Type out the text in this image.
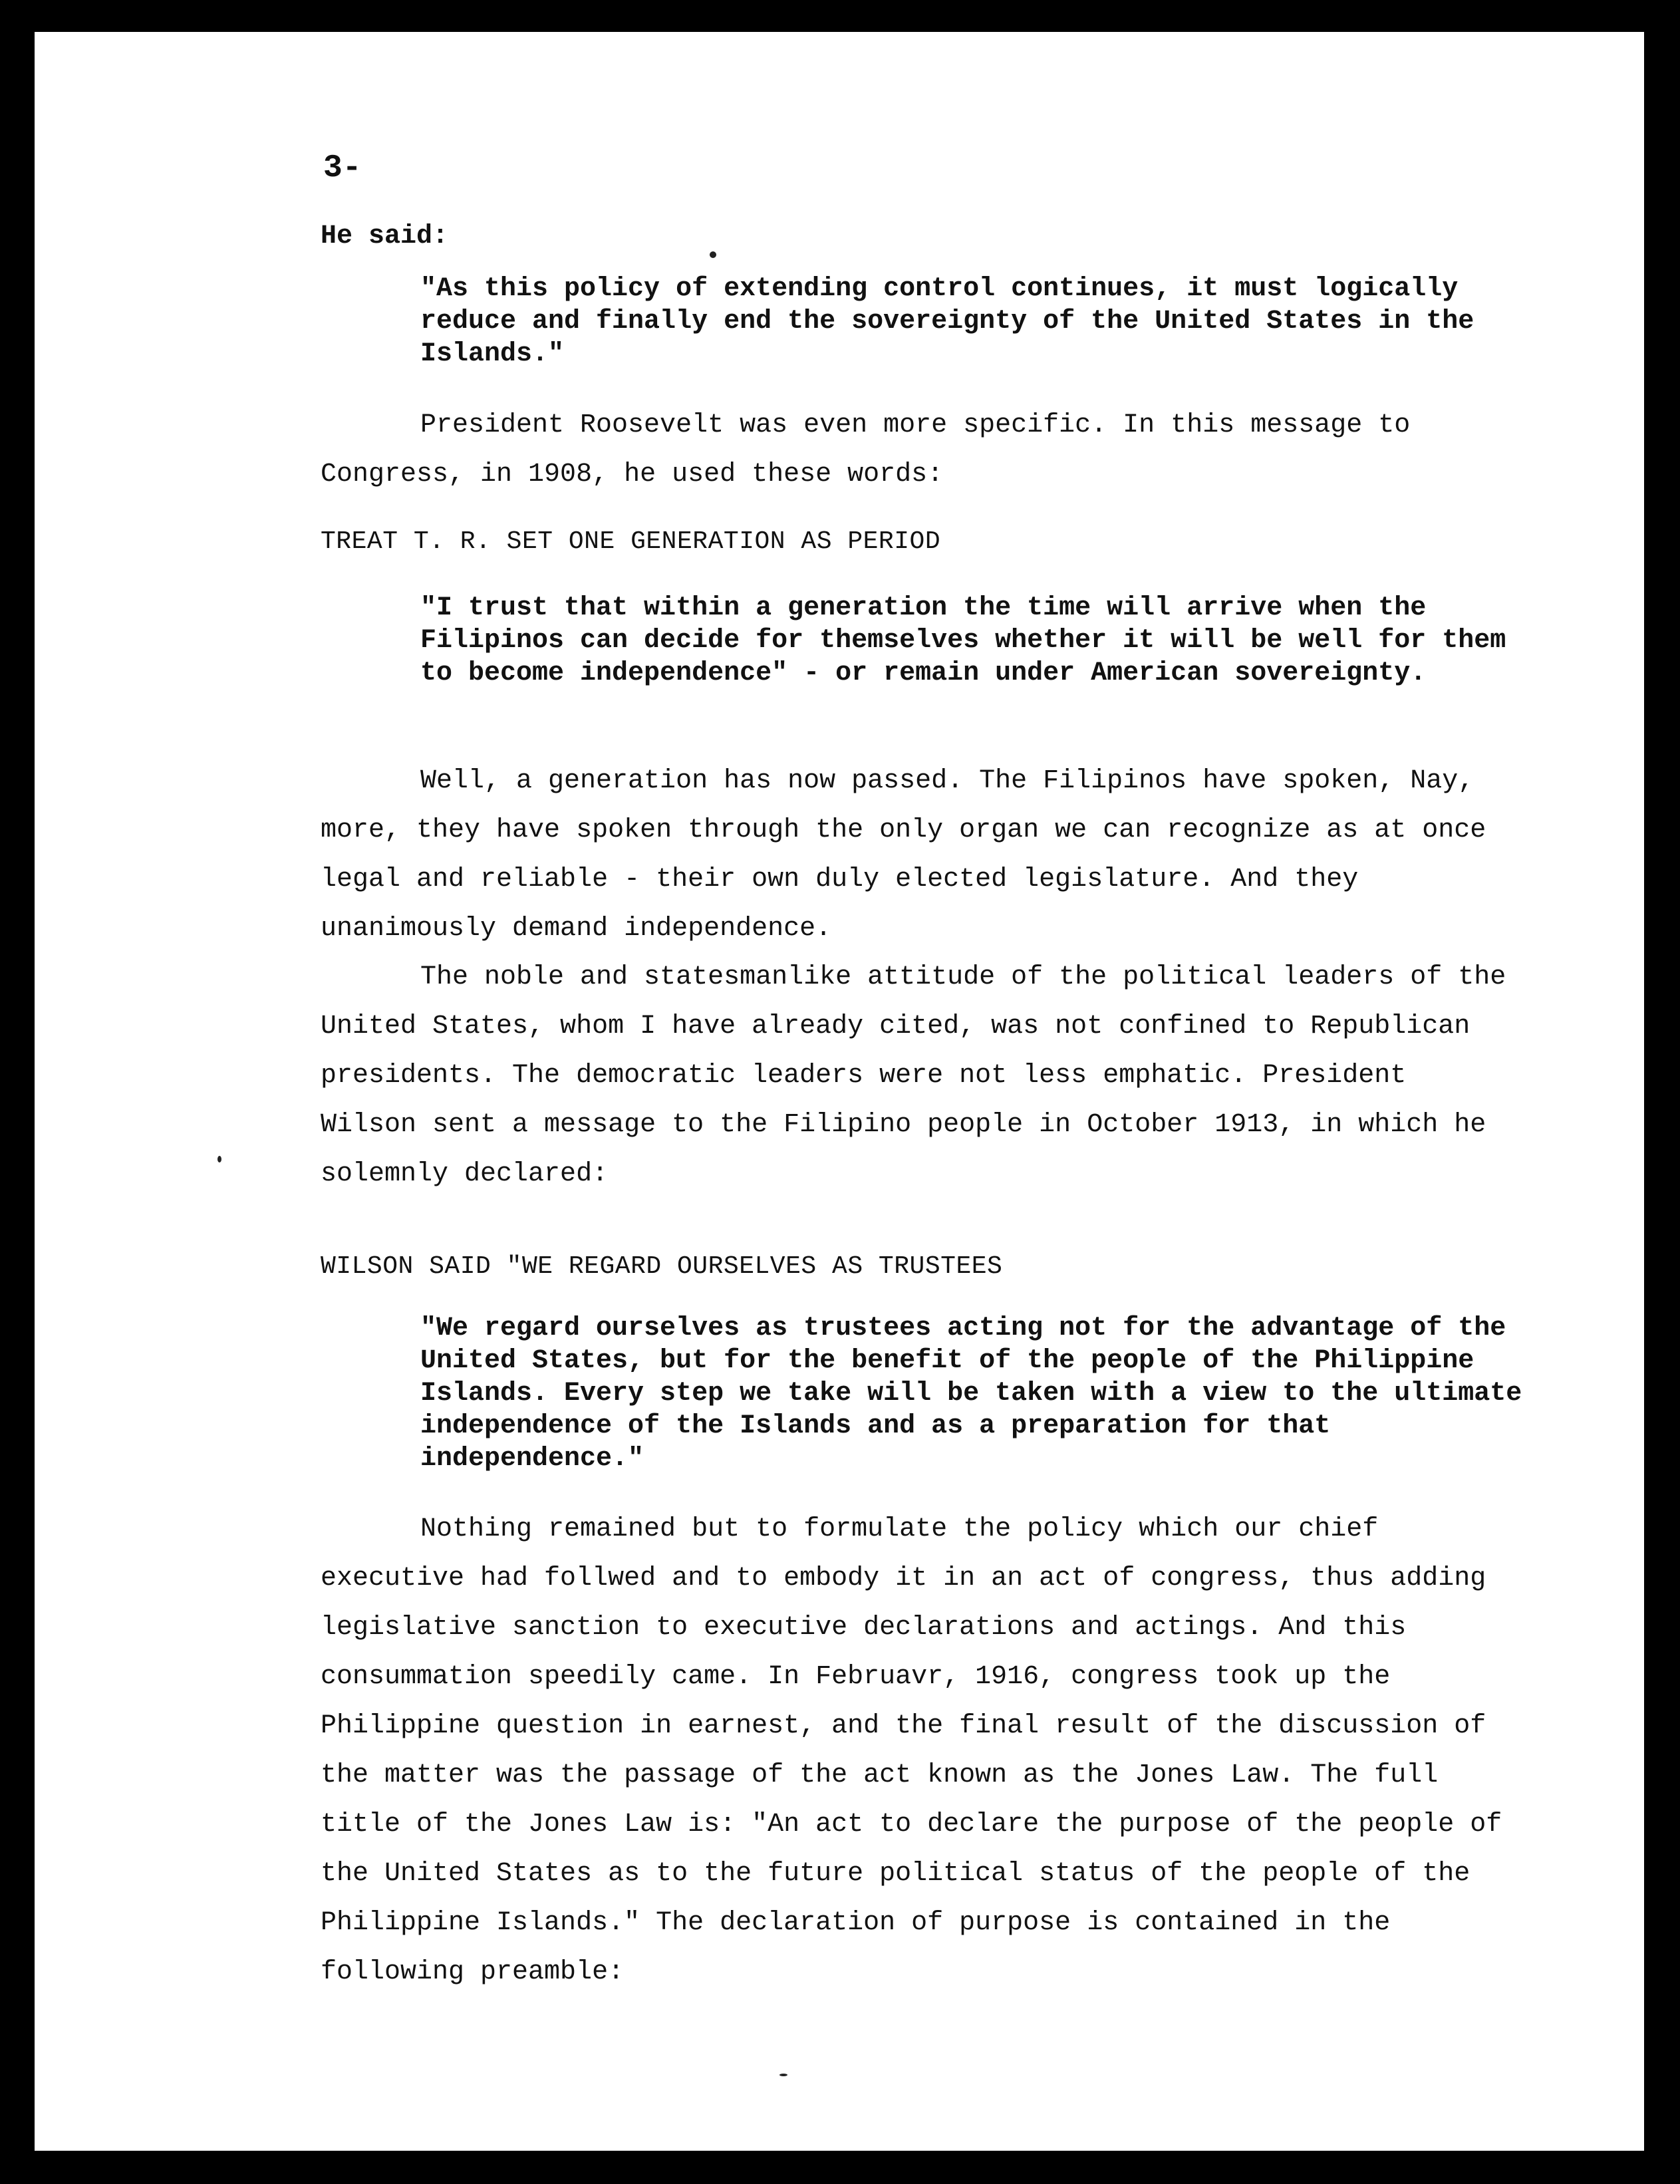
3-
He said:
"As this policy of extending control continues, it must logically reduce and finally end the sovereignty of the United States in the Islands."
President Roosevelt was even more specific. In this message to Congress, in 1908, he used these words:
TREAT T. R. SET ONE GENERATION AS PERIOD
"I trust that within a generation the time will arrive when the Filipinos can decide for themselves whether it will be well for them to become independence" - or remain under American sovereignty.
Well, a generation has now passed. The Filipinos have spoken, Nay, more, they have spoken through the only organ we can recognize as at once legal and reliable - their own duly elected legislature. And they unanimously demand independence.
The noble and statesmanlike attitude of the political leaders of the United States, whom I have already cited, was not confined to Republican presidents. The democratic leaders were not less emphatic. President Wilson sent a message to the Filipino people in October 1913, in which he solemnly declared:
WILSON SAID "WE REGARD OURSELVES AS TRUSTEES
"We regard ourselves as trustees acting not for the advantage of the United States, but for the benefit of the people of the Philippine Islands. Every step we take will be taken with a view to the ultimate independence of the Islands and as a preparation for that independence."
Nothing remained but to formulate the policy which our chief executive had follwed and to embody it in an act of congress, thus adding legislative sanction to executive declarations and actings. And this consummation speedily came. In Februavr, 1916, congress took up the Philippine question in earnest, and the final result of the discussion of the matter was the passage of the act known as the Jones Law. The full title of the Jones Law is: "An act to declare the purpose of the people of the United States as to the future political status of the people of the Philippine Islands." The declaration of purpose is contained in the following preamble:
